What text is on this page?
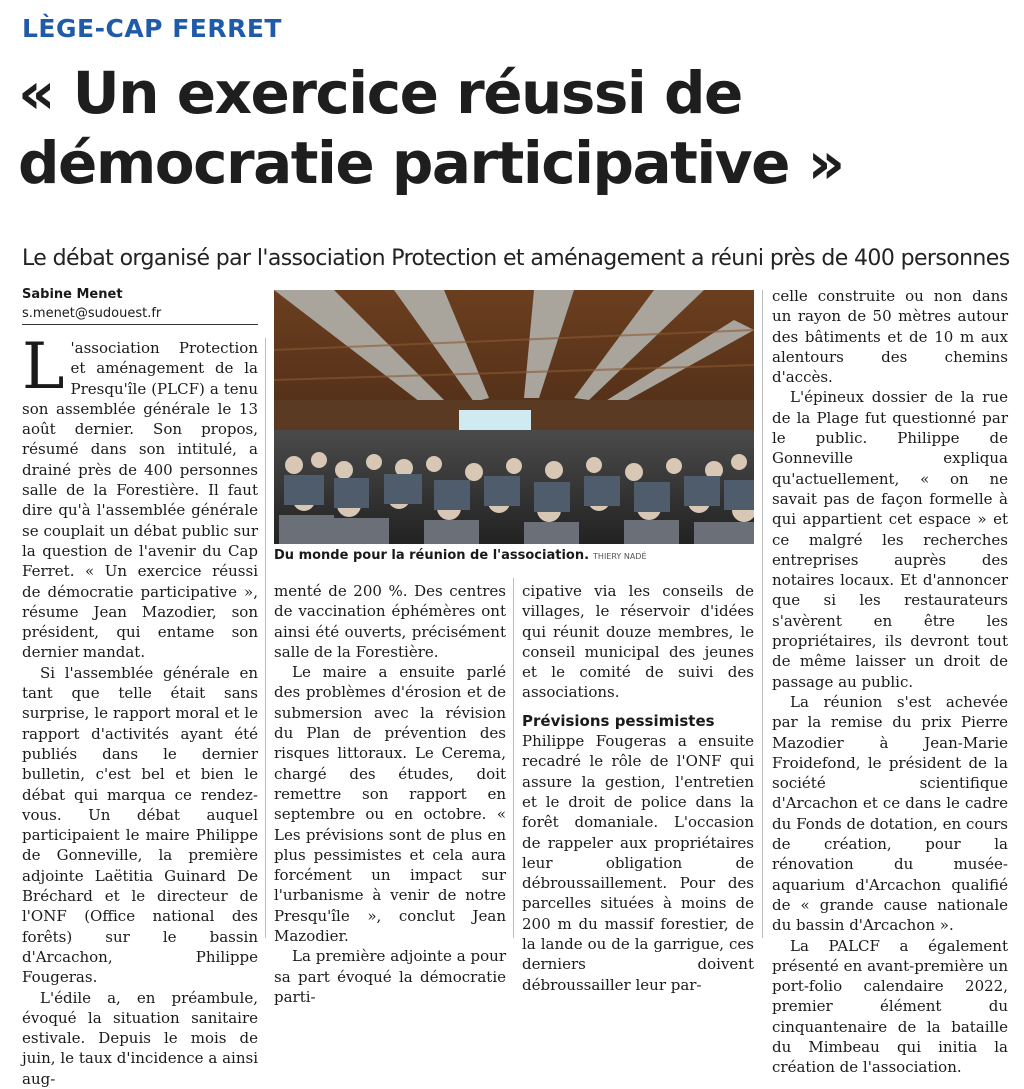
LÈGE-CAP FERRET
« Un exercice réussi de démocratie participative »
Le débat organisé par l'association Protection et aménagement a réuni près de 400 personnes
Sabine Menet
s.menet@sudouest.fr

L 'association Protection et aménagement de la Presqu'île (PLCF) a tenu son assemblée générale le 13 août dernier. Son propos, résumé dans son intitulé, a drainé près de 400 personnes salle de la Forestière. Il faut dire qu'à l'assemblée générale se couplait un débat public sur la question de l'avenir du Cap Ferret. « Un exercice réussi de démocratie participative », résume Jean Mazodier, son président, qui entame son dernier mandat.

Si l'assemblée générale en tant que telle était sans surprise, le rapport moral et le rapport d'activités ayant été publiés dans le dernier bulletin, c'est bel et bien le débat qui marqua ce rendez-vous. Un débat auquel participaient le maire Philippe de Gonneville, la première adjointe Laëtitia Guinard De Bréchard et le directeur de l'ONF (Office national des forêts) sur le bassin d'Arcachon, Philippe Fougeras.

L'édile a, en préambule, évoqué la situation sanitaire estivale. Depuis le mois de juin, le taux d'incidence a ainsi aug-

Du monde pour la réunion de l'association. THIERY NADÉ

menté de 200 %. Des centres de vaccination éphémères ont ainsi été ouverts, précisément salle de la Forestière.

Le maire a ensuite parlé des problèmes d'érosion et de submersion avec la révision du Plan de prévention des risques littoraux. Le Cerema, chargé des études, doit remettre son rapport en septembre ou en octobre. « Les prévisions sont de plus en plus pessimistes et cela aura forcément un impact sur l'urbanisme à venir de notre Presqu'île », conclut Jean Mazodier.

La première adjointe a pour sa part évoqué la démocratie parti-

cipative via les conseils de villages, le réservoir d'idées qui réunit douze membres, le conseil municipal des jeunes et le comité de suivi des associations.

Prévisions pessimistes

Philippe Fougeras a ensuite recadré le rôle de l'ONF qui assure la gestion, l'entretien et le droit de police dans la forêt domaniale. L'occasion de rappeler aux propriétaires leur obligation de débroussaillement. Pour des parcelles situées à moins de 200 m du massif forestier, de la lande ou de la garrigue, ces derniers doivent débroussailler leur par-

celle construite ou non dans un rayon de 50 mètres autour des bâtiments et de 10 m aux alentours des chemins d'accès.

L'épineux dossier de la rue de la Plage fut questionné par le public. Philippe de Gonneville expliqua qu'actuellement, « on ne savait pas de façon formelle à qui appartient cet espace » et ce malgré les recherches entreprises auprès des notaires locaux. Et d'annoncer que si les restaurateurs s'avèrent en être les propriétaires, ils devront tout de même laisser un droit de passage au public.

La réunion s'est achevée par la remise du prix Pierre Mazodier à Jean-Marie Froidefond, le président de la société scientifique d'Arcachon et ce dans le cadre du Fonds de dotation, en cours de création, pour la rénovation du musée-aquarium d'Arcachon qualifié de « grande cause nationale du bassin d'Arcachon ».

La PALCF a également présenté en avant-première un port-folio calendaire 2022, premier élément du cinquantenaire de la bataille du Mimbeau qui initia la création de l'association.
